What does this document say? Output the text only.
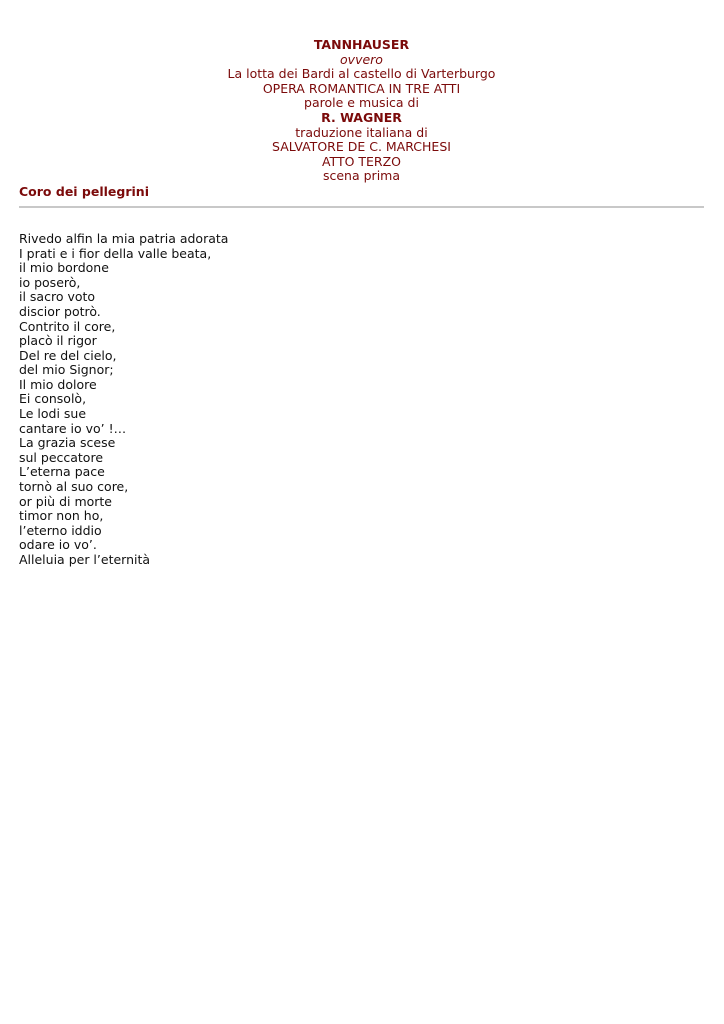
TANNHAUSER
ovvero
La lotta dei Bardi al castello di Varterburgo
OPERA ROMANTICA IN TRE ATTI
parole e musica di
R. WAGNER
traduzione italiana di
SALVATORE DE C. MARCHESI
ATTO TERZO
scena prima
Coro dei pellegrini
Rivedo alfin la mia patria adorata
I prati e i fior della valle beata,
il mio bordone
io poserò,
il sacro voto
discior potrò.
Contrito il core,
placò il rigor
Del re del cielo,
del mio Signor;
Il mio dolore
Ei consolò,
Le lodi sue
cantare io vo’ !…
La grazia scese
sul peccatore
L’eterna pace
tornò al suo core,
or più di morte
timor non ho,
l’eterno iddio
odare io vo’.
Alleluia per l’eternità
